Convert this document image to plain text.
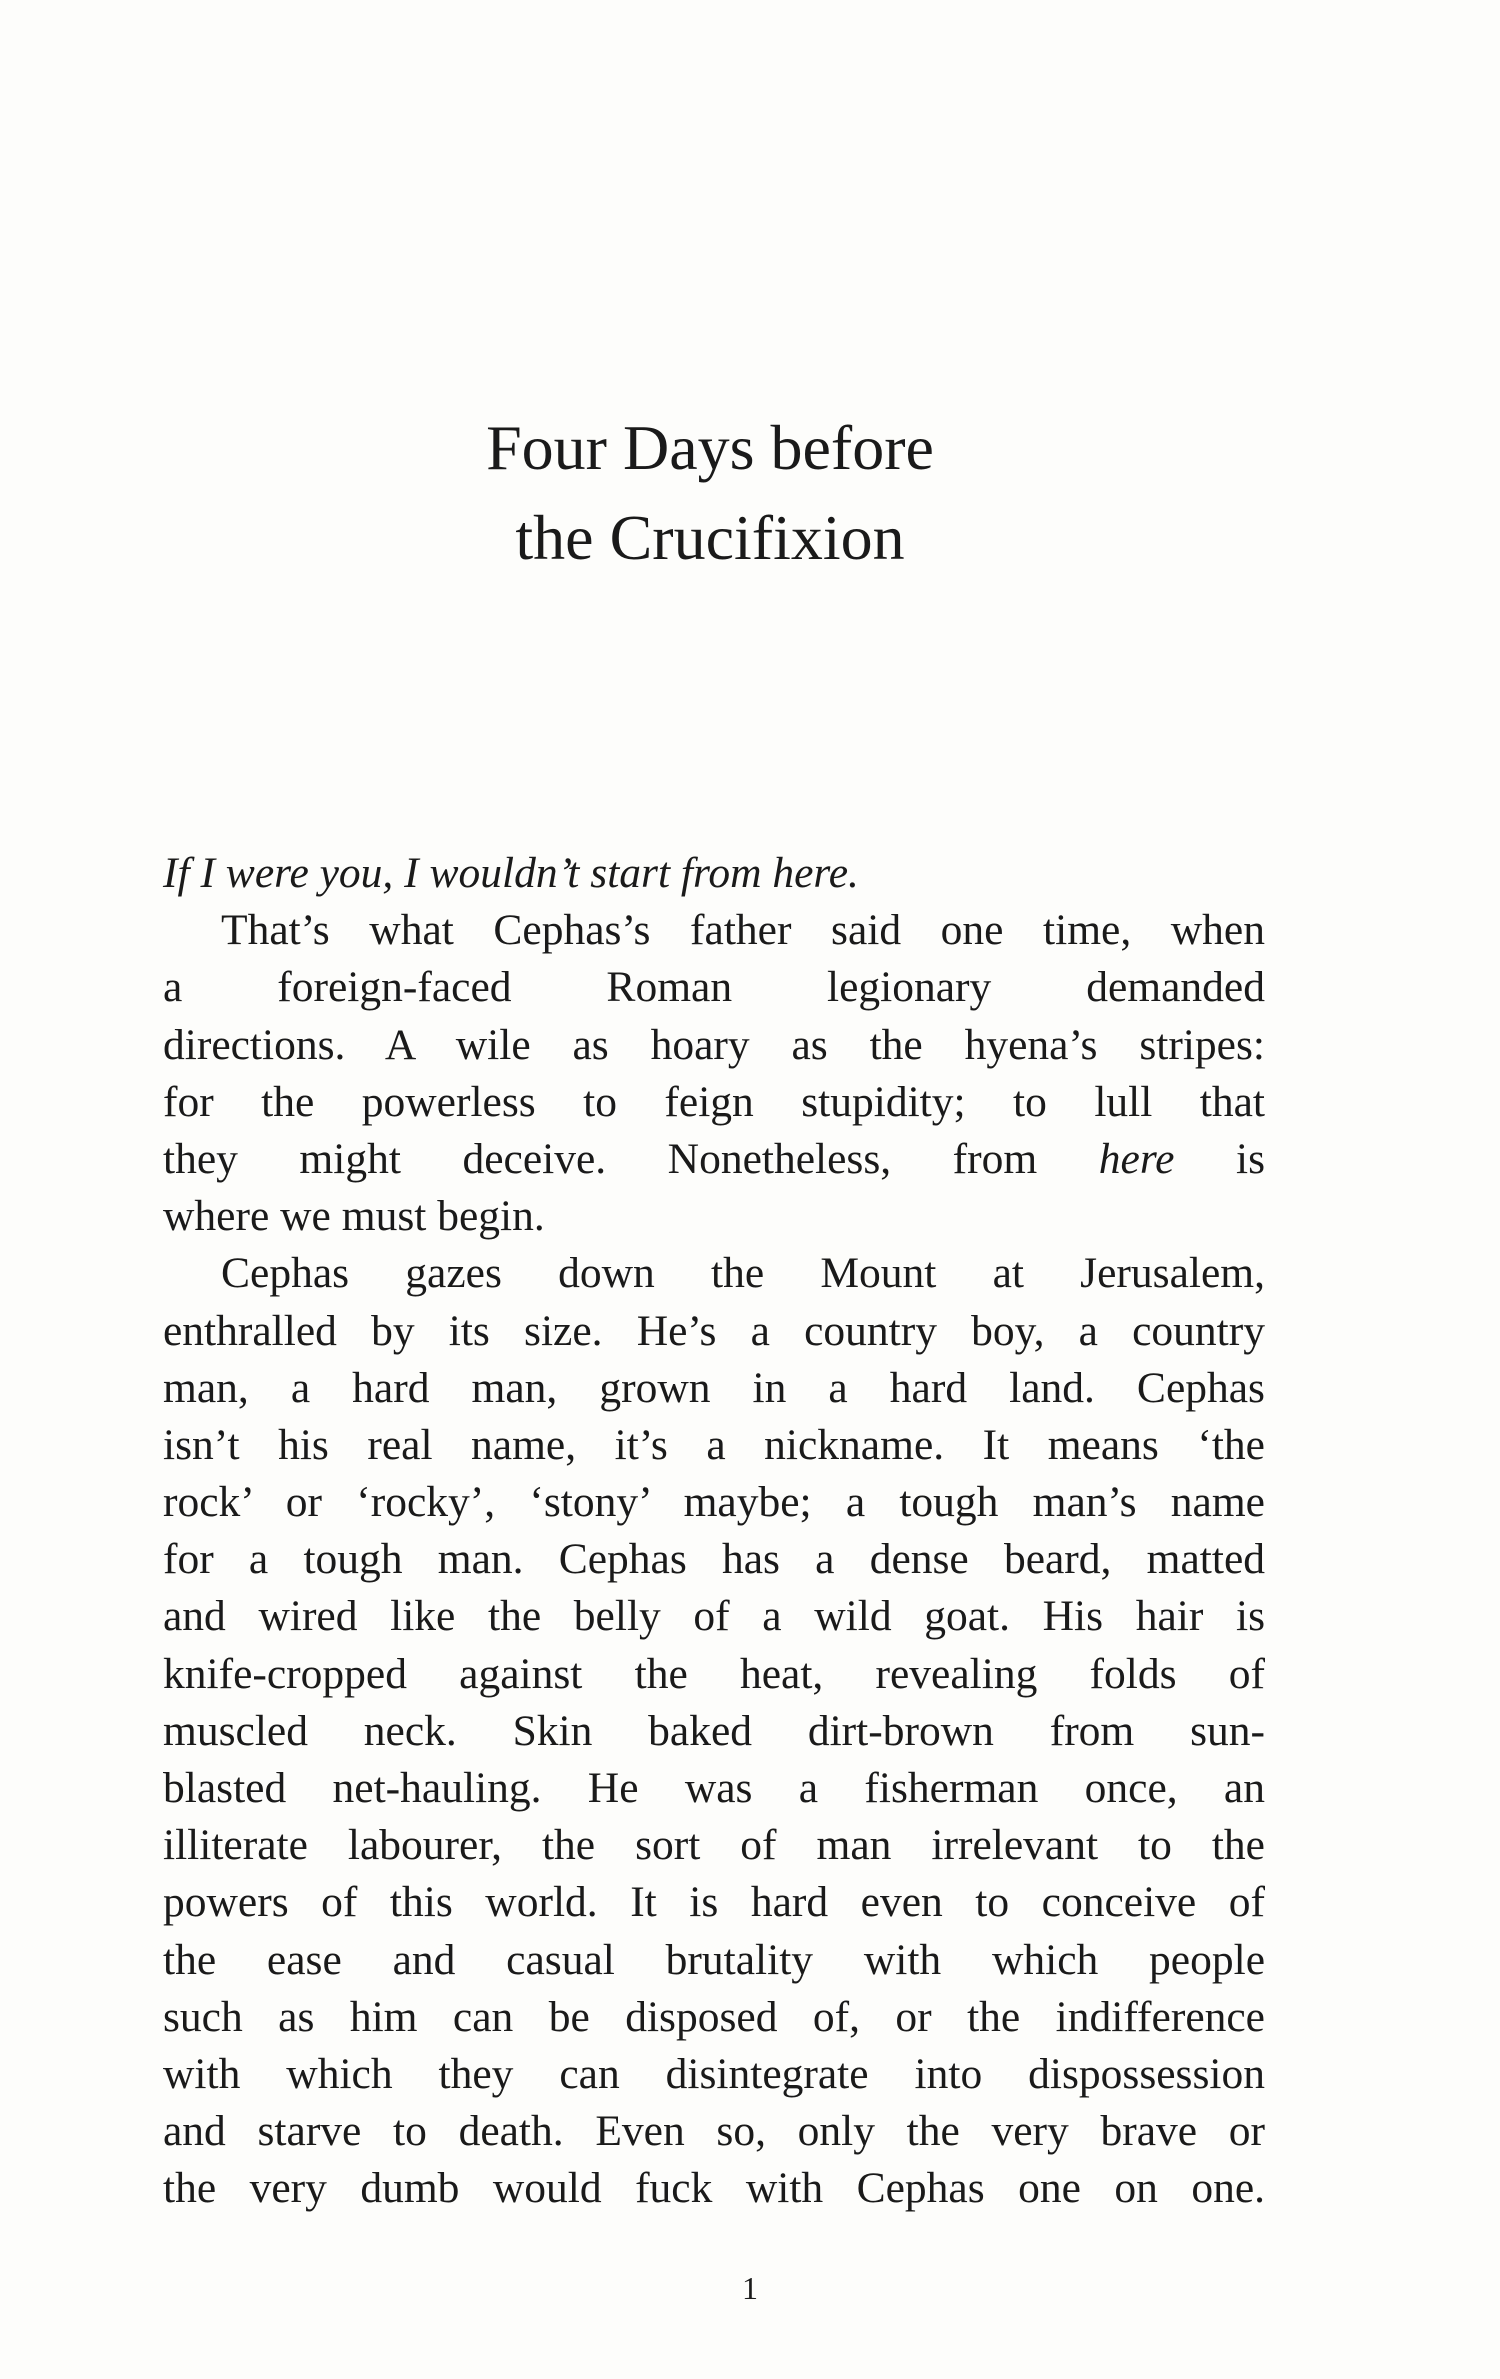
Four Days before
the Crucifixion
If I were you, I wouldn’t start from here.
That’s what Cephas’s father said one time, when
a foreign-faced Roman legionary demanded
directions. A wile as hoary as the hyena’s stripes:
for the powerless to feign stupidity; to lull that
they might deceive. Nonetheless, from here is
where we must begin.
Cephas gazes down the Mount at Jerusalem,
enthralled by its size. He’s a country boy, a country
man, a hard man, grown in a hard land. Cephas
isn’t his real name, it’s a nickname. It means ‘the
rock’ or ‘rocky’, ‘stony’ maybe; a tough man’s name
for a tough man. Cephas has a dense beard, matted
and wired like the belly of a wild goat. His hair is
knife-cropped against the heat, revealing folds of
muscled neck. Skin baked dirt-brown from sun-
blasted net-hauling. He was a fisherman once, an
illiterate labourer, the sort of man irrelevant to the
powers of this world. It is hard even to conceive of
the ease and casual brutality with which people
such as him can be disposed of, or the indifference
with which they can disintegrate into dispossession
and starve to death. Even so, only the very brave or
the very dumb would fuck with Cephas one on one.
1
